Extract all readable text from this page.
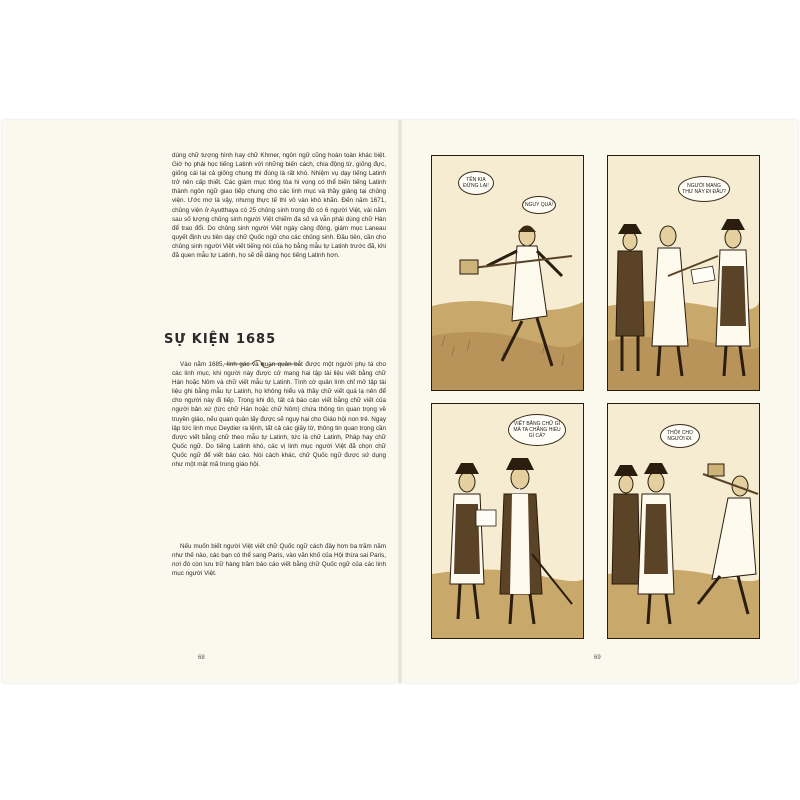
dùng chữ tượng hình hay chữ Khmer, ngôn ngữ cũng hoàn toàn khác biệt. Giờ họ phải học tiếng Latinh với những biến cách, chia động từ, giống đực, giống cái lại cả giống chung thì đúng là rất khó. Nhiệm vụ dạy tiếng Latinh trở nên cấp thiết. Các giám mục tông tòa hi vọng có thể biến tiếng Latinh thành ngôn ngữ giao tiếp chung cho các linh mục và thầy giảng tại chủng viện. Ước mơ là vậy, nhưng thực tế thì vô vàn khó khăn. Đến năm 1671, chủng viện ở Ayutthaya có 25 chủng sinh trong đó có 6 người Việt, vài năm sau số lượng chủng sinh người Việt chiếm đa số và vẫn phải dùng chữ Hán để trao đổi. Do chủng sinh người Việt ngày càng đông, giám mục Laneau quyết định ưu tiên dạy chữ Quốc ngữ cho các chủng sinh. Đầu tiên, cần cho chủng sinh người Việt viết tiếng nói của họ bằng mẫu tự Latinh trước đã, khi đã quen mẫu tự Latinh, họ sẽ dễ dàng học tiếng Latinh hơn.

SỰ KIỆN 1685

Vào năm 1685, lính gác và quan quân bắt được một người phụ tá cho các linh mục, khi người này được cử mang hai tập tài liệu viết bằng chữ Hán hoặc Nôm và chữ viết mẫu tự Latinh. Tình cờ quân lính chỉ mở tập tài liệu ghi bằng mẫu tự Latinh, họ không hiểu và thầy chữ viết quá lạ nên để cho người này đi tiếp. Trong khi đó, tất cả báo cáo viết bằng chữ viết của người bản xứ (tức chữ Hán hoặc chữ Nôm) chứa thông tin quan trọng về truyền giáo, nếu quan quân lấy được sẽ nguy hại cho Giáo hội non trẻ. Ngay lập tức linh mục Deydier ra lệnh, tất cả các giấy tờ, thông tin quan trọng cần được viết bằng chữ theo mẫu tự Latinh, tức là chữ Latinh, Pháp hay chữ Quốc ngữ. Do tiếng Latinh khó, các vị linh mục người Việt đã chọn chữ Quốc ngữ để viết báo cáo. Nói cách khác, chữ Quốc ngữ được sử dụng như một mật mã trong giáo hội.

Nếu muốn biết người Việt viết chữ Quốc ngữ cách đây hơn ba trăm năm như thế nào, các bạn có thể sang Paris, vào văn khố của Hội thừa sai Paris, nơi đó còn lưu trữ hàng trăm báo cáo viết bằng chữ Quốc ngữ của các linh mục người Việt.

68
TÊN KIA ĐỨNG LẠI!
NGUY QUÁ!
NGƯỜI MANG THƯ NÀY ĐI ĐÂU?
VIẾT BẰNG CHỮ GÌ MÀ TA CHẲNG HIỂU GÌ CẢ?	THÔI! CHO NGƯỜI ĐI.
69
